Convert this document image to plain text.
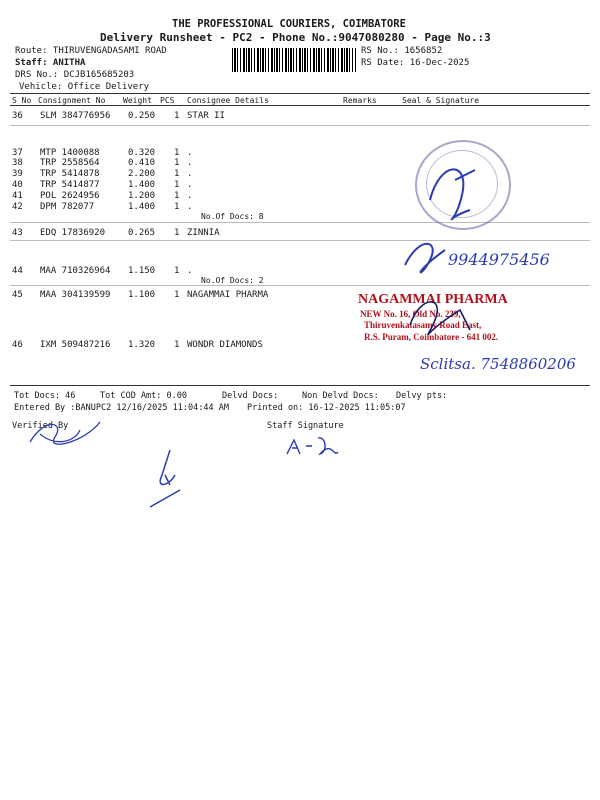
THE PROFESSIONAL COURIERS, COIMBATORE
Delivery Runsheet - PC2 - Phone No.:9047080280 - Page No.:3
Route: THIRUVENGADASAMI ROAD
Staff: ANITHA
DRS No.: DCJB165685203
Vehicle: Office Delivery
RS No.: 1656852
RS Date: 16-Dec-2025
S No Consignment No Weight PCS Consignee Details	Remarks	Seal & Signature
36 SLM 384776956 0.250 1 STAR II
37 MTP 1400088	0.320 1 .
38 TRP 2558564	0.410 1 .
39 TRP 5414878	2.200 1 .
40 TRP 5414877	1.400 1 .
41 POL 2624956	1.200 1 .
42 DPM 782077	1.400 1 .
No.Of Docs: 8
43 EDQ 17836920	0.265 1 ZINNIA
44 MAA 710326964 1.150 1 .
No.Of Docs: 2
45 MAA 304139599 1.100 1 NAGAMMAI PHARMA
46 IXM 509487216 1.320 1 WONDR DIAMONDS
Tot Docs: 46	Tot COD Amt: 0.00	Delvd Docs:	Non Delvd Docs: Delvy pts:
Entered By :BANUPC2 12/16/2025 11:04:44 AM Printed on: 16-12-2025 11:05:07
Verified By	Staff Signature
NAGAMMAI PHARMA
NEW No. 16, Old No. 239,
Thiruvenkatasamy Road East,
R.S. Puram, Coimbatore - 641 002.
9944975456
Sclitsa. 7548860206
